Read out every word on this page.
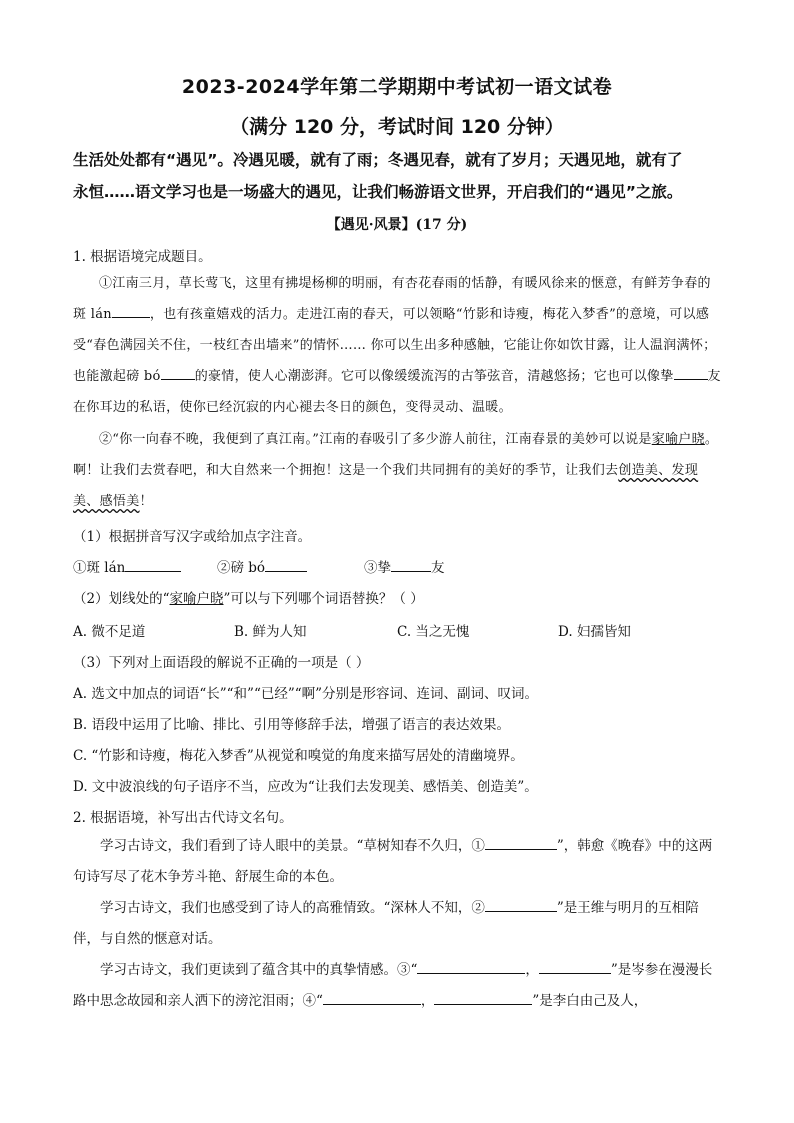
2023-2024学年第二学期期中考试初一语文试卷
（满分 120 分，考试时间 120 分钟）
生活处处都有“遇见”。冷遇见暖，就有了雨；冬遇见春，就有了岁月；天遇见地，就有了
永恒……语文学习也是一场盛大的遇见，让我们畅游语文世界，开启我们的“遇见”之旅。
【遇见·风景】(17 分)
1. 根据语境完成题目。
①江南三月，草长莺飞，这里有拂堤杨柳的明丽，有杏花春雨的恬静，有暖风徐来的惬意，有鲜芳争春的斑 lán	，也有孩童嬉戏的活力。走进江南的春天，可以领略“竹影和诗瘦，梅花入梦香”的意境，可以感受“春色满园关不住，一枝红杏出墙来”的情怀…… 你可以生出多种感触，它能让你如饮甘露，让人温润满怀；也能激起磅 bó	的豪情，使人心潮澎湃。它可以像缓缓流泻的古筝弦音，清越悠扬；它也可以像挚	友在你耳边的私语，使你已经沉寂的内心褪去冬日的颜色，变得灵动、温暖。
②“你一向春不晚，我便到了真江南。”江南的春吸引了多少游人前往，江南春景的美妙可以说是家喻户晓。啊！让我们去赏春吧，和大自然来一个拥抱！这是一个我们共同拥有的美好的季节，让我们去创造美、发现美、感悟美！
（1）根据拼音写汉字或给加点字注音。
①斑 lán	②磅 bó	③挚	友
（2）划线处的“家喻户晓”可以与下列哪个词语替换？（ ）
A. 微不足道	B. 鲜为人知	C. 当之无愧	D. 妇孺皆知
（3）下列对上面语段的解说不正确的一项是（ ）
A. 选文中加点的词语“长”“和”“已经”“啊”分别是形容词、连词、副词、叹词。
B. 语段中运用了比喻、排比、引用等修辞手法，增强了语言的表达效果。
C. “竹影和诗瘦，梅花入梦香”从视觉和嗅觉的角度来描写居处的清幽境界。
D. 文中波浪线的句子语序不当，应改为“让我们去发现美、感悟美、创造美”。
2. 根据语境，补写出古代诗文名句。
学习古诗文，我们看到了诗人眼中的美景。“草树知春不久归，①	”，韩愈《晚春》中的这两句诗写尽了花木争芳斗艳、舒展生命的本色。
学习古诗文，我们也感受到了诗人的高雅情致。“深林人不知，②	”是王维与明月的互相陪伴，与自然的惬意对话。
学习古诗文，我们更读到了蕴含其中的真挚情感。③“	，	”是岑参在漫漫长路中思念故园和亲人洒下的滂沱泪雨；④“	，	”是李白由己及人，
